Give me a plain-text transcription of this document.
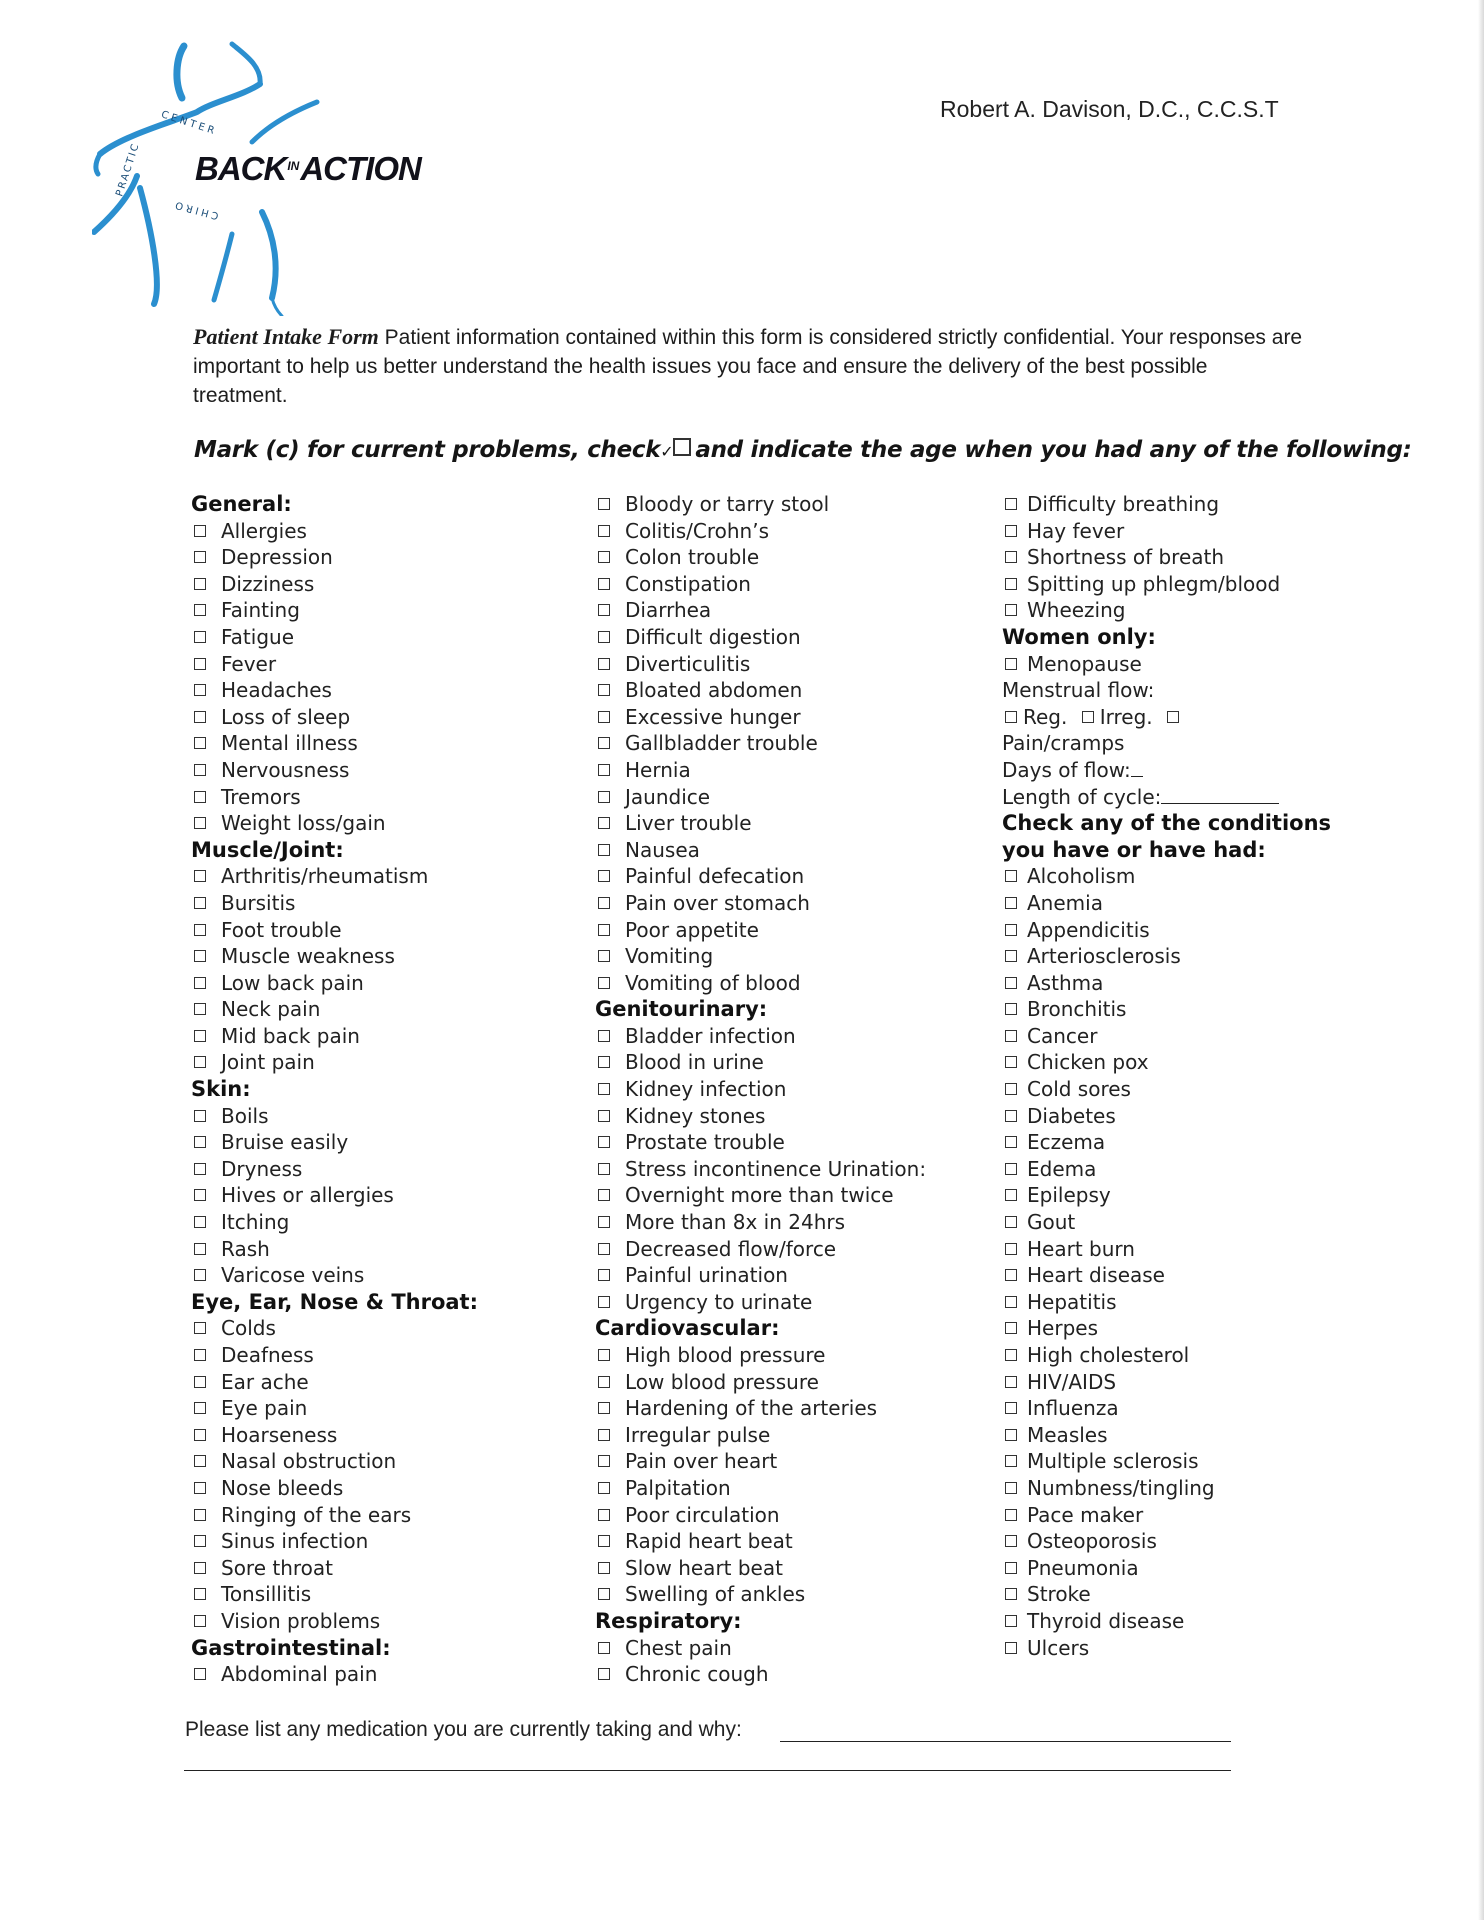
CENTER
PRACTIC
CHIRO
$BACK^{IN}ACTION$
Robert A. Davison, D.C., C.C.S.T
Patient Intake Form Patient information contained within this form is considered strictly confidential. Your responses are important to help us better understand the health issues you face and ensure the delivery of the best possible treatment.
Mark (c) for current problems, check✓ and indicate the age when you had any of the following:
General:
Allergies
Depression
Dizziness
Fainting
Fatigue
Fever
Headaches
Loss of sleep
Mental illness
Nervousness
Tremors
Weight loss/gain
Muscle/Joint:
Arthritis/rheumatism
Bursitis
Foot trouble
Muscle weakness
Low back pain
Neck pain
Mid back pain
Joint pain
Skin:
Boils
Bruise easily
Dryness
Hives or allergies
Itching
Rash
Varicose veins
Eye, Ear, Nose & Throat:
Colds
Deafness
Ear ache
Eye pain
Hoarseness
Nasal obstruction
Nose bleeds
Ringing of the ears
Sinus infection
Sore throat
Tonsillitis
Vision problems
Gastrointestinal:
Abdominal pain
Bloody or tarry stool
Colitis/Crohn’s
Colon trouble
Constipation
Diarrhea
Difficult digestion
Diverticulitis
Bloated abdomen
Excessive hunger
Gallbladder trouble
Hernia
Jaundice
Liver trouble
Nausea
Painful defecation
Pain over stomach
Poor appetite
Vomiting
Vomiting of blood
Genitourinary:
Bladder infection
Blood in urine
Kidney infection
Kidney stones
Prostate trouble
Stress incontinence Urination:
Overnight more than twice
More than 8x in 24hrs
Decreased flow/force
Painful urination
Urgency to urinate
Cardiovascular:
High blood pressure
Low blood pressure
Hardening of the arteries
Irregular pulse
Pain over heart
Palpitation
Poor circulation
Rapid heart beat
Slow heart beat
Swelling of ankles
Respiratory:
Chest pain
Chronic cough
Difficulty breathing
Hay fever
Shortness of breath
Spitting up phlegm/blood
Wheezing
Women only:
Menopause
Menstrual flow:
Reg. Irreg.
Pain/cramps
Days of flow:
Length of cycle:
Check any of the conditions
you have or have had:
Alcoholism
Anemia
Appendicitis
Arteriosclerosis
Asthma
Bronchitis
Cancer
Chicken pox
Cold sores
Diabetes
Eczema
Edema
Epilepsy
Gout
Heart burn
Heart disease
Hepatitis
Herpes
High cholesterol
HIV/AIDS
Influenza
Measles
Multiple sclerosis
Numbness/tingling
Pace maker
Osteoporosis
Pneumonia
Stroke
Thyroid disease
Ulcers
Please list any medication you are currently taking and why:
